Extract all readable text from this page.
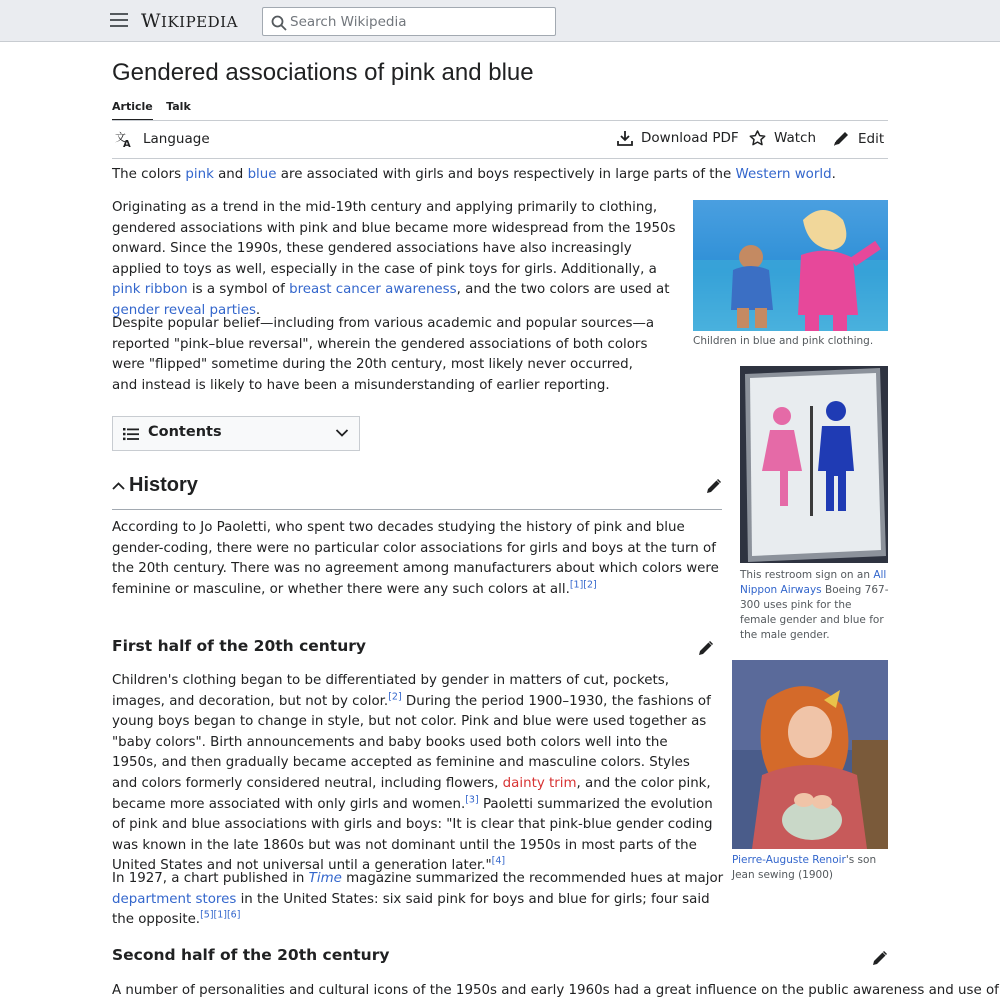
WIKIPEDIA
Search Wikipedia
Gendered associations of pink and blue
Article Talk
文
A Language	Download PDF	Watch	Edit

The colors pink and blue are associated with girls and boys respectively in large parts of the Western world.

Originating as a trend in the mid-19th century and applying primarily to clothing, gendered associations with pink and blue became more widespread from the 1950s onward. Since the 1990s, these gendered associations have also increasingly applied to toys as well, especially in the case of pink toys for girls. Additionally, a pink ribbon is a symbol of breast cancer awareness, and the two colors are used at gender reveal parties.

Despite popular belief—including from various academic and popular sources—a reported "pink–blue reversal", wherein the gendered associations of both colors were "flipped" sometime during the 20th century, most likely never occurred, and instead is likely to have been a misunderstanding of earlier reporting.

Contents
History

According to Jo Paoletti, who spent two decades studying the history of pink and blue gender-coding, there were no particular color associations for girls and boys at the turn of the 20th century. There was no agreement among manufacturers about which colors were feminine or masculine, or whether there were any such colors at all.[1][2]

First half of the 20th century

Children's clothing began to be differentiated by gender in matters of cut, pockets, images, and decoration, but not by color.[2] During the period 1900–1930, the fashions of young boys began to change in style, but not color. Pink and blue were used together as "baby colors". Birth announcements and baby books used both colors well into the 1950s, and then gradually became accepted as feminine and masculine colors. Styles and colors formerly considered neutral, including flowers, dainty trim, and the color pink, became more associated with only girls and women.[3] Paoletti summarized the evolution of pink and blue associations with girls and boys: "It is clear that pink-blue gender coding was known in the late 1860s but was not dominant until the 1950s in most parts of the United States and not universal until a generation later."[4]

In 1927, a chart published in Time magazine summarized the recommended hues at major department stores in the United States: six said pink for boys and blue for girls; four said the opposite.[5][1][6]

Second half of the 20th century

A number of personalities and cultural icons of the 1950s and early 1960s had a great influence on the public awareness and use of

Children in blue and pink clothing.
This restroom sign on an All Nippon Airways Boeing 767-300 uses pink for the female gender and blue for the male gender.
Pierre-Auguste Renoir's son Jean sewing (1900)
